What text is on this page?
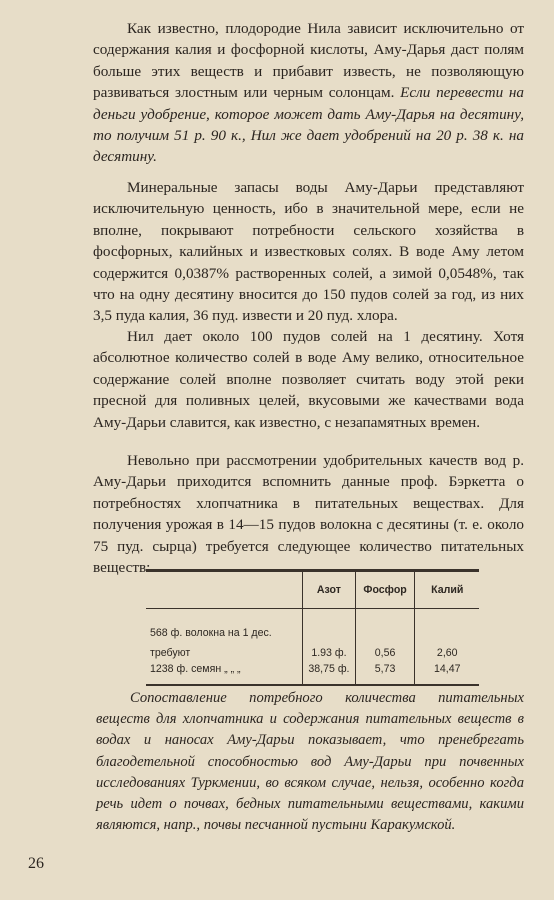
Как известно, плодородие Нила зависит исключительно от содержания калия и фосфорной кислоты, Аму-Дарья даст полям больше этих веществ и прибавит известь, не позволяющую развиваться злостным или черным солонцам. Если перевести на деньги удобрение, которое может дать Аму-Дарья на десятину, то получим 51 р. 90 к., Нил же дает удобрений на 20 р. 38 к. на десятину.

Минеральные запасы воды Аму-Дарьи представляют исключительную ценность, ибо в значительной мере, если не вполне, покрывают потребности сельского хозяйства в фосфорных, калийных и известковых солях. В воде Аму летом содержится 0,0387% растворенных солей, а зимой 0,0548%, так что на одну десятину вносится до 150 пудов солей за год, из них 3,5 пуда калия, 36 пуд. извести и 20 пуд. хлора.

Нил дает около 100 пудов солей на 1 десятину. Хотя абсолютное количество солей в воде Аму велико, относительное содержание солей вполне позволяет считать воду этой реки пресной для поливных целей, вкусовыми же качествами вода Аму-Дарьи славится, как известно, с незапамятных времен.

Невольно при рассмотрении удобрительных качеств вод р. Аму-Дарьи приходится вспомнить данные проф. Бэркетта о потребностях хлопчатника в питательных веществах. Для получения урожая в 14—15 пудов волокна с десятины (т. е. около 75 пуд. сырца) требуется следующее количество питательных веществ:

	Азот	Фосфор	Калий

568 ф. волокна на 1 дес.			
требуют	1.93 ф.	0,56	2,60
1238 ф. семян „ „ „	38,75 ф.	5,73	14,47

Сопоставление потребного количества питательных веществ для хлопчатника и содержания питательных веществ в водах и наносах Аму-Дарьи показывает, что пренебрегать благодетельной способностью вод Аму-Дарьи при почвенных исследованиях Туркмении, во всяком случае, нельзя, особенно когда речь идет о почвах, бедных питательными веществами, какими являются, напр., почвы песчанной пустыни Каракумской.

26
